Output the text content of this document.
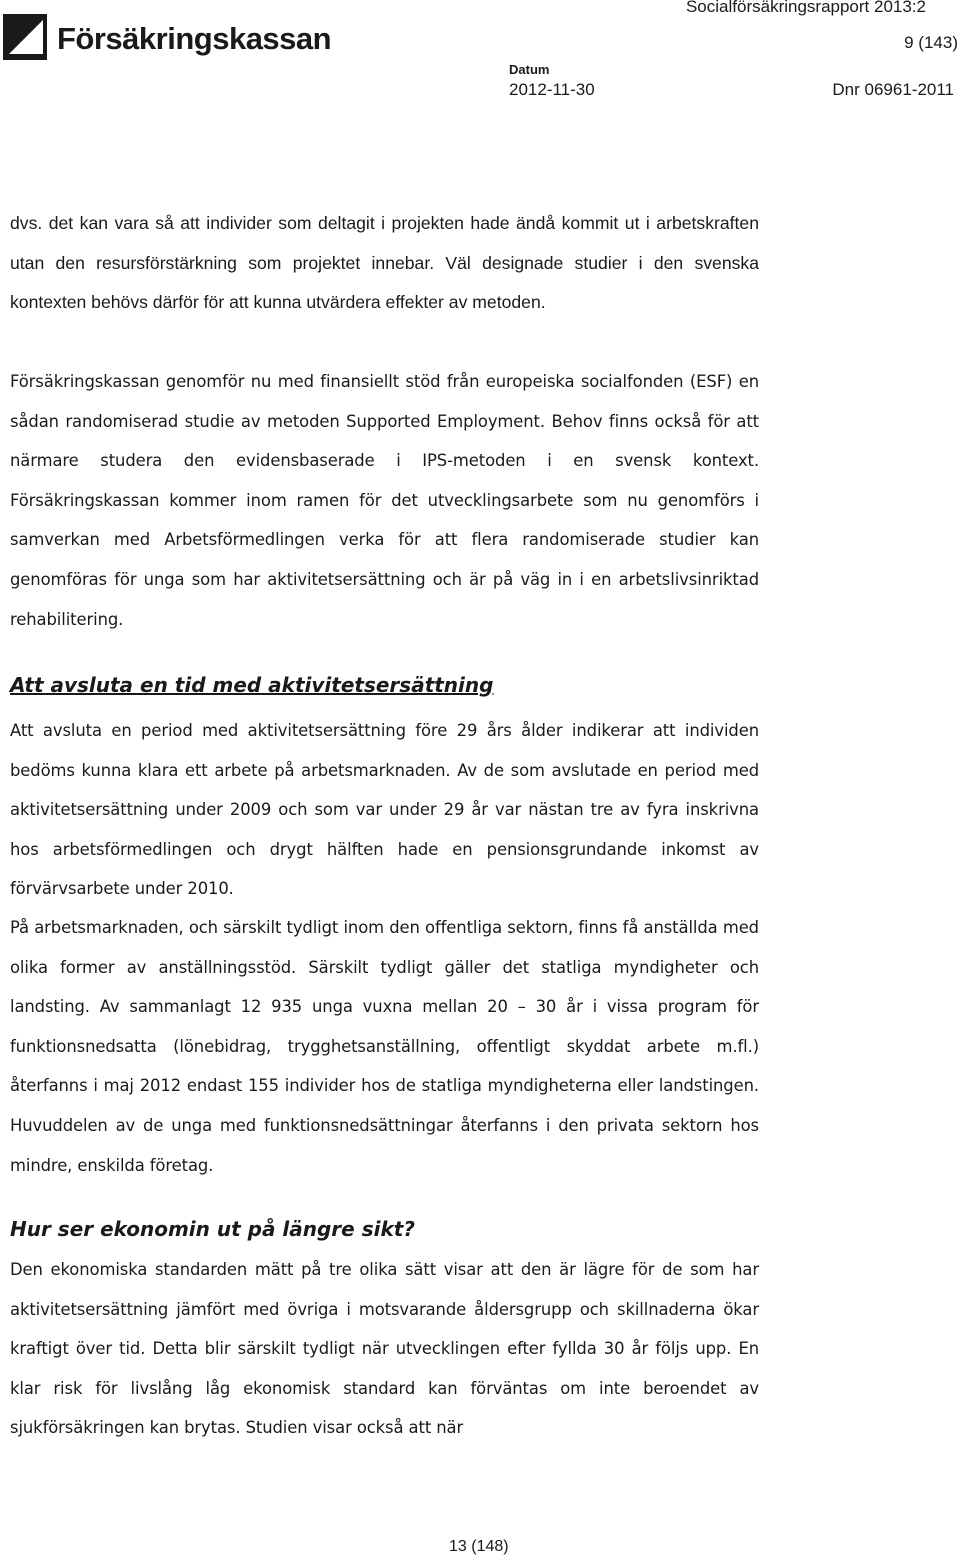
Försäkringskassan
Socialförsäkringsrapport 2013:2
9 (143)
Datum
2012-11-30	Dnr 06961-2011

dvs. det kan vara så att individer som deltagit i projekten hade ändå kommit ut i arbetskraften utan den resursförstärkning som projektet innebar. Väl designade studier i den svenska kontexten behövs därför för att kunna utvärdera effekter av metoden.

Försäkringskassan genomför nu med finansiellt stöd från europeiska socialfonden (ESF) en sådan randomiserad studie av metoden Supported Employment. Behov finns också för att närmare studera den evidensbaserade i IPS-metoden i en svensk kontext. Försäkringskassan kommer inom ramen för det utvecklingsarbete som nu genomförs i samverkan med Arbetsförmedlingen verka för att flera randomiserade studier kan genomföras för unga som har aktivitetsersättning och är på väg in i en arbetslivsinriktad rehabilitering.

Att avsluta en tid med aktivitetsersättning

Att avsluta en period med aktivitetsersättning före 29 års ålder indikerar att individen bedöms kunna klara ett arbete på arbetsmarknaden. Av de som avslutade en period med aktivitetsersättning under 2009 och som var under 29 år var nästan tre av fyra inskrivna hos arbetsförmedlingen och drygt hälften hade en pensionsgrundande inkomst av förvärvsarbete under 2010.

På arbetsmarknaden, och särskilt tydligt inom den offentliga sektorn, finns få anställda med olika former av anställningsstöd. Särskilt tydligt gäller det statliga myndigheter och landsting. Av sammanlagt 12 935 unga vuxna mellan 20 – 30 år i vissa program för funktionsnedsatta (lönebidrag, trygghetsanställning, offentligt skyddat arbete m.fl.) återfanns i maj 2012 endast 155 individer hos de statliga myndigheterna eller landstingen. Huvuddelen av de unga med funktionsnedsättningar återfanns i den privata sektorn hos mindre, enskilda företag.

Hur ser ekonomin ut på längre sikt?

Den ekonomiska standarden mätt på tre olika sätt visar att den är lägre för de som har aktivitetsersättning jämfört med övriga i motsvarande åldersgrupp och skillnaderna ökar kraftigt över tid. Detta blir särskilt tydligt när utvecklingen efter fyllda 30 år följs upp. En klar risk för livslång låg ekonomisk standard kan förväntas om inte beroendet av sjukförsäkringen kan brytas. Studien visar också att när

13 (148)
